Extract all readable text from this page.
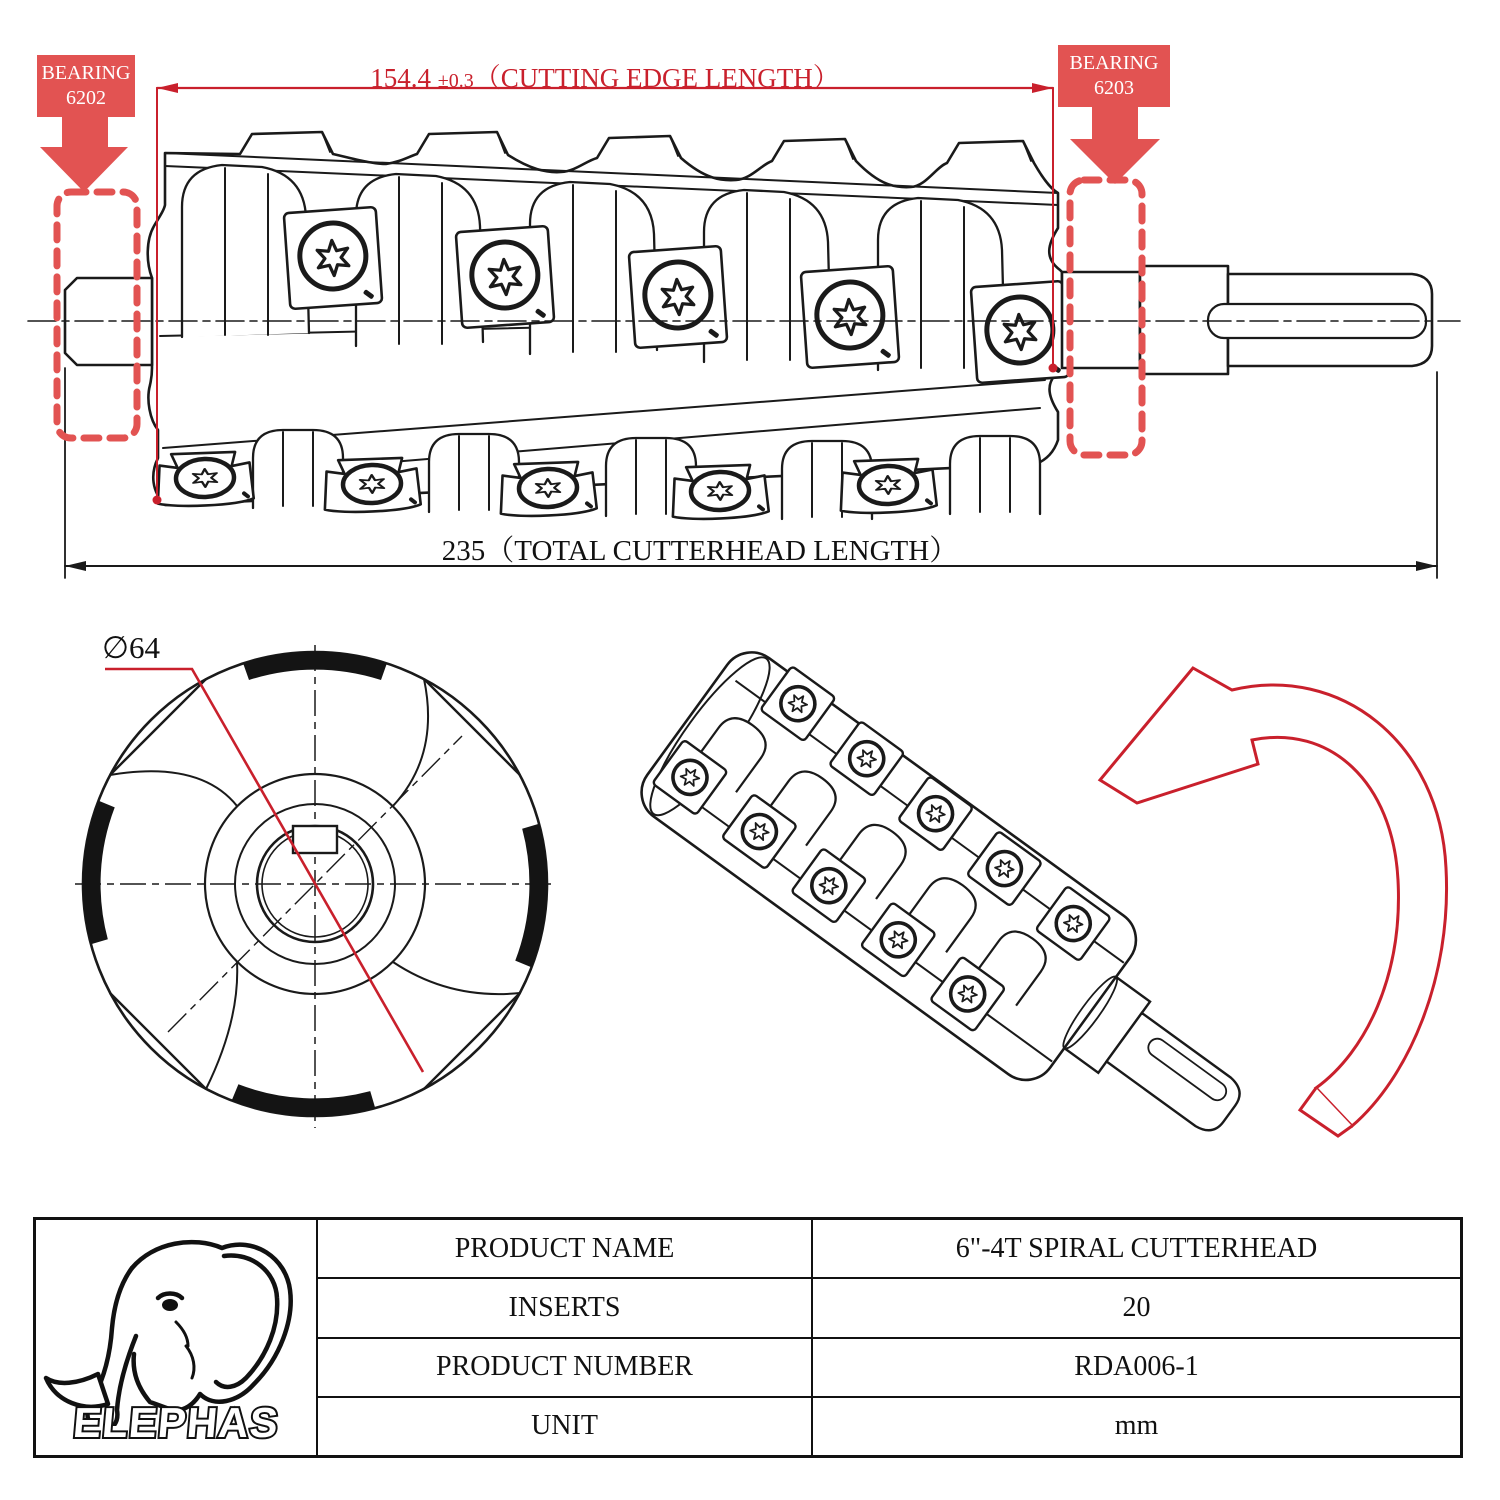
154.4 ±0.3（CUTTING EDGE LENGTH）
235（TOTAL CUTTERHEAD LENGTH）
BEARING
6202
BEARING
6203
∅64
ELEPHAS
PRODUCT NAME	6"-4T SPIRAL CUTTERHEAD
INSERTS	20
PRODUCT NUMBER	RDA006-1
UNIT	mm
